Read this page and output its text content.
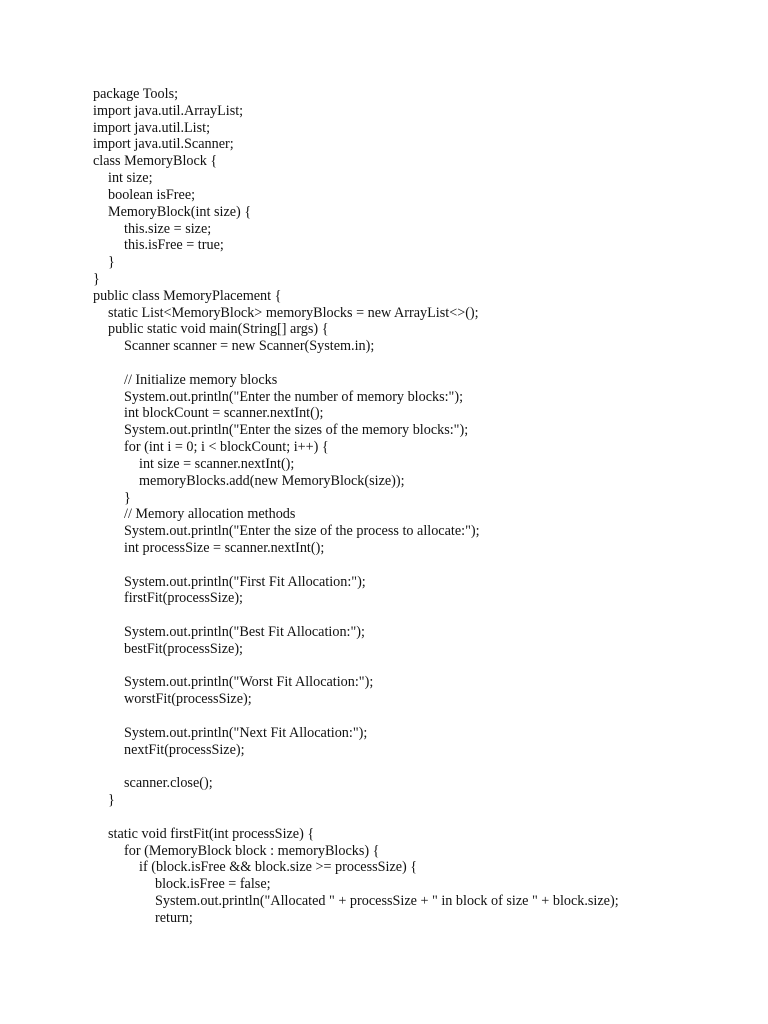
package Tools;
import java.util.ArrayList;
import java.util.List;
import java.util.Scanner;
class MemoryBlock {
int size;
boolean isFree;
MemoryBlock(int size) {
this.size = size;
this.isFree = true;
}
}
public class MemoryPlacement {
static List<MemoryBlock> memoryBlocks = new ArrayList<>();
public static void main(String[] args) {
Scanner scanner = new Scanner(System.in);
// Initialize memory blocks
System.out.println("Enter the number of memory blocks:");
int blockCount = scanner.nextInt();
System.out.println("Enter the sizes of the memory blocks:");
for (int i = 0; i < blockCount; i++) {
int size = scanner.nextInt();
memoryBlocks.add(new MemoryBlock(size));
}
// Memory allocation methods
System.out.println("Enter the size of the process to allocate:");
int processSize = scanner.nextInt();
System.out.println("First Fit Allocation:");
firstFit(processSize);
System.out.println("Best Fit Allocation:");
bestFit(processSize);
System.out.println("Worst Fit Allocation:");
worstFit(processSize);
System.out.println("Next Fit Allocation:");
nextFit(processSize);
scanner.close();
}
static void firstFit(int processSize) {
for (MemoryBlock block : memoryBlocks) {
if (block.isFree && block.size >= processSize) {
block.isFree = false;
System.out.println("Allocated " + processSize + " in block of size " + block.size);
return;
